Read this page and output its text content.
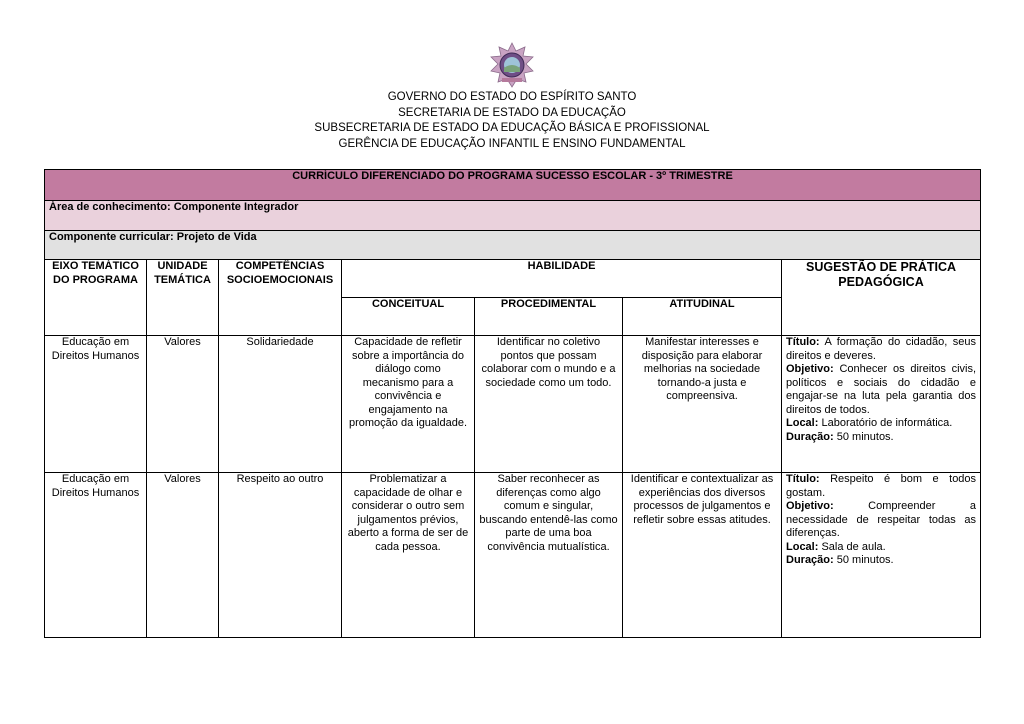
GOVERNO DO ESTADO DO ESPÍRITO SANTO
SECRETARIA DE ESTADO DA EDUCAÇÃO
SUBSECRETARIA DE ESTADO DA EDUCAÇÃO BÁSICA E PROFISSIONAL
GERÊNCIA DE EDUCAÇÃO INFANTIL E ENSINO FUNDAMENTAL
CURRÍCULO DIFERENCIADO DO PROGRAMA SUCESSO ESCOLAR - 3º TRIMESTRE						
Área de conhecimento: Componente Integrador						
Componente curricular: Projeto de Vida						
EIXO TEMÁTICO DO PROGRAMA	UNIDADE TEMÁTICA	COMPETÊNCIAS SOCIOEMOCIONAIS	HABILIDADE			SUGESTÃO DE PRÁTICA PEDAGÓGICA
			CONCEITUAL	PROCEDIMENTAL	ATITUDINAL	
Educação em Direitos Humanos	Valores	Solidariedade	Capacidade de refletir sobre a importância do diálogo como mecanismo para a convivência e engajamento na promoção da igualdade.	Identificar no coletivo pontos que possam colaborar com o mundo e a sociedade como um todo.	Manifestar interesses e disposição para elaborar melhorias na sociedade tornando-a justa e compreensiva.	Título: A formação do cidadão, seus direitos e deveres.
Objetivo: Conhecer os direitos civis, políticos e sociais do cidadão e engajar-se na luta pela garantia dos direitos de todos.
Local: Laboratório de informática.
Duração: 50 minutos.
Educação em Direitos Humanos	Valores	Respeito ao outro	Problematizar a capacidade de olhar e considerar o outro sem julgamentos prévios, aberto a forma de ser de cada pessoa.	Saber reconhecer as diferenças como algo comum e singular, buscando entendê-las como parte de uma boa convivência mutualística.	Identificar e contextualizar as experiências dos diversos processos de julgamentos e refletir sobre essas atitudes.	Título: Respeito é bom e todos gostam.
Objetivo: Compreender a necessidade de respeitar todas as diferenças.
Local: Sala de aula.
Duração: 50 minutos.
